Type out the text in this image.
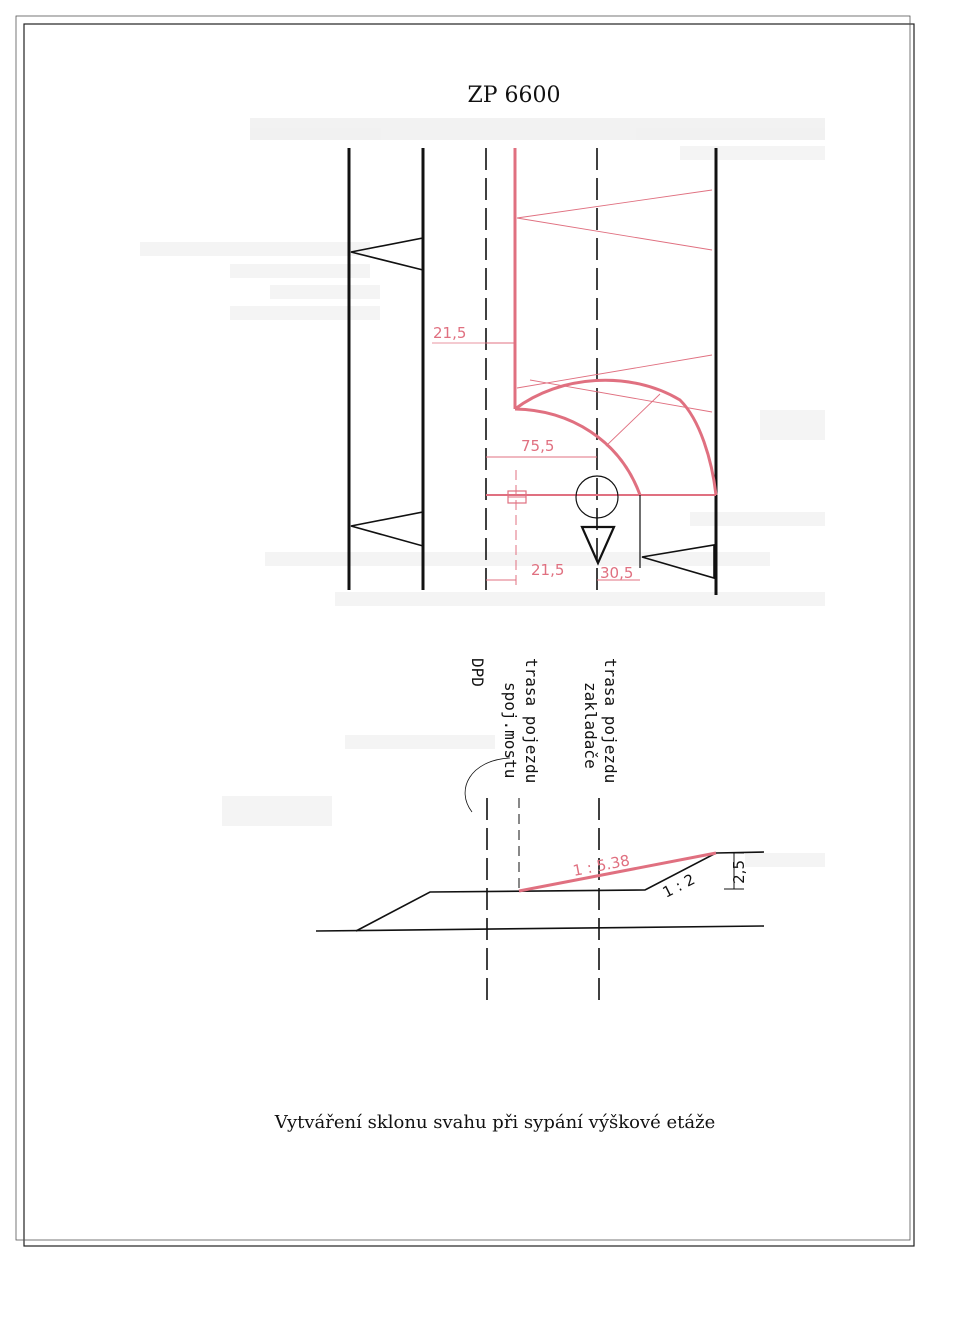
ZP 6600
21,5
75,5
21,5 30,5
trasa pojezdu
zakladače
trasa pojezdu
spoj.mostu
DPD
1 : 5.38
1 : 2 2,5
Vytváření sklonu svahu při sypání výškové etáže
